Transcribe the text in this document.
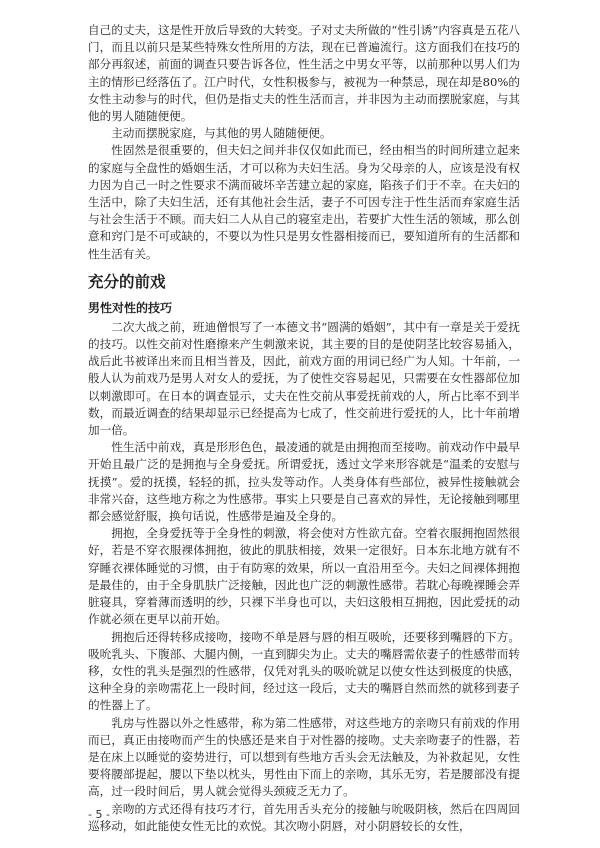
自己的丈夫，这是性开放后导致的大转变。子对丈夫所做的“性引诱”内容真是五花八门，而且以前只是某些特殊女性所用的方法，现在已普遍流行。这方面我们在技巧的部分再叙述，前面的调查只要告诉各位，性生活之中男女平等，以前那种以男人们为主的情形已经落伍了。江户时代，女性积极参与，被视为一种禁忌，现在却是80%的女性主动参与的时代，但仍是指丈夫的性生活而言，并非因为主动而摆脱家庭，与其他的男人随随便便。

主动而摆脱家庭，与其他的男人随随便便。

性固然是很重要的，但夫妇之间并非仅仅如此而已，经由相当的时间所建立起来的家庭与全盘性的婚姻生活，才可以称为夫妇生活。身为父母亲的人，应该是没有权力因为自己一时之性要求不满而破坏辛苦建立起的家庭，陷孩子们于不幸。在夫妇的生活中，除了夫妇生活，还有其他社会生活，妻子不可因专注于性生活而弃家庭生活与社会生活于不顾。而夫妇二人从自己的寝室走出，若要扩大性生活的领域，那么创意和窍门是不可或缺的，不要以为性只是男女性器相接而已，要知道所有的生活都和性生活有关。

充分的前戏
男性对性的技巧

二次大战之前，班迪僧恨写了一本德文书“圆满的婚姻”，其中有一章是关于爱抚的技巧。以性交前对性磨擦来产生刺激来说，其主要的目的是使阴茎比较容易插入，战后此书被译出来而且相当普及，因此，前戏方面的用词已经广为人知。十年前，一般人认为前戏乃是男人对女人的爱抚，为了使性交容易起见，只需要在女性器部位加以刺激即可。在日本的调查显示，丈夫在性交前从事爱抚前戏的人，所占比率不到半数，而最近调查的结果却显示已经提高为七成了，性交前进行爱抚的人，比十年前增加一倍。

性生活中前戏，真是形形色色，最凌通的就是由拥抱而至接吻。前戏动作中最早开始且最广泛的是拥抱与全身爱抚。所谓爱抚，透过文学来形容就是“温柔的安慰与抚摸”。爱的抚摸，轻轻的抓，拉头发等动作。人类身体有些部位，被异性接触就会非常兴奋，这些地方称之为性感带。事实上只要是自己喜欢的异性，无论接触到哪里都会感觉舒服，换句话说，性感带是遍及全身的。

拥抱，全身爱抚等于全身性的刺激，将会使对方性欲亢奋。空着衣服拥抱固然很好，若是不穿衣服裸体拥抱，彼此的肌肤相接，效果一定很好。日本东北地方就有不穿睡衣裸体睡觉的习惯，由于有防寒的效果，所以一直沿用至今。夫妇之间裸体拥抱是最佳的，由于全身肌肤广泛接触，因此也广泛的刺激性感带。若耽心每晚裸睡会弄脏寝具，穿着薄而透明的纱，只裸下半身也可以，夫妇这般相互拥抱，因此爱抚的动作就必须在更早以前开始。

拥抱后还得转移成接吻，接吻不单是唇与唇的相互吸吮，还要移到嘴唇的下方。吸吮乳头、下腹部、大腿内侧，一直到脚尖为止。丈夫的嘴唇需依妻子的性感带而转移，女性的乳头是强烈的性感带，仅凭对乳头的吸吮就足以使女性达到极度的快感，这种全身的亲吻需花上一段时间，经过这一段后，丈夫的嘴唇自然而然的就移到妻子的性器上了。

乳房与性器以外之性感带，称为第二性感带，对这些地方的亲吻只有前戏的作用而已，真正由接吻而产生的快感还是来自于对性器的接吻。丈夫亲吻妻子的性器，若是在床上以睡觉的姿势进行，可以想到有些地方舌头会无法触及，为补救起见，女性要将腰部提起，腰以下垫以枕头，男性由下而上的亲吻，其乐无穷，若是腰部没有提高，过一段时间后，男人就会觉得头颈疲乏无力了。

亲吻的方式还得有技巧才行，首先用舌头充分的接触与吮吸阴核，然后在四周回巡移动，如此能使女性无比的欢悦。其次吻小阴唇，对小阴唇较长的女性，

- 5 -
